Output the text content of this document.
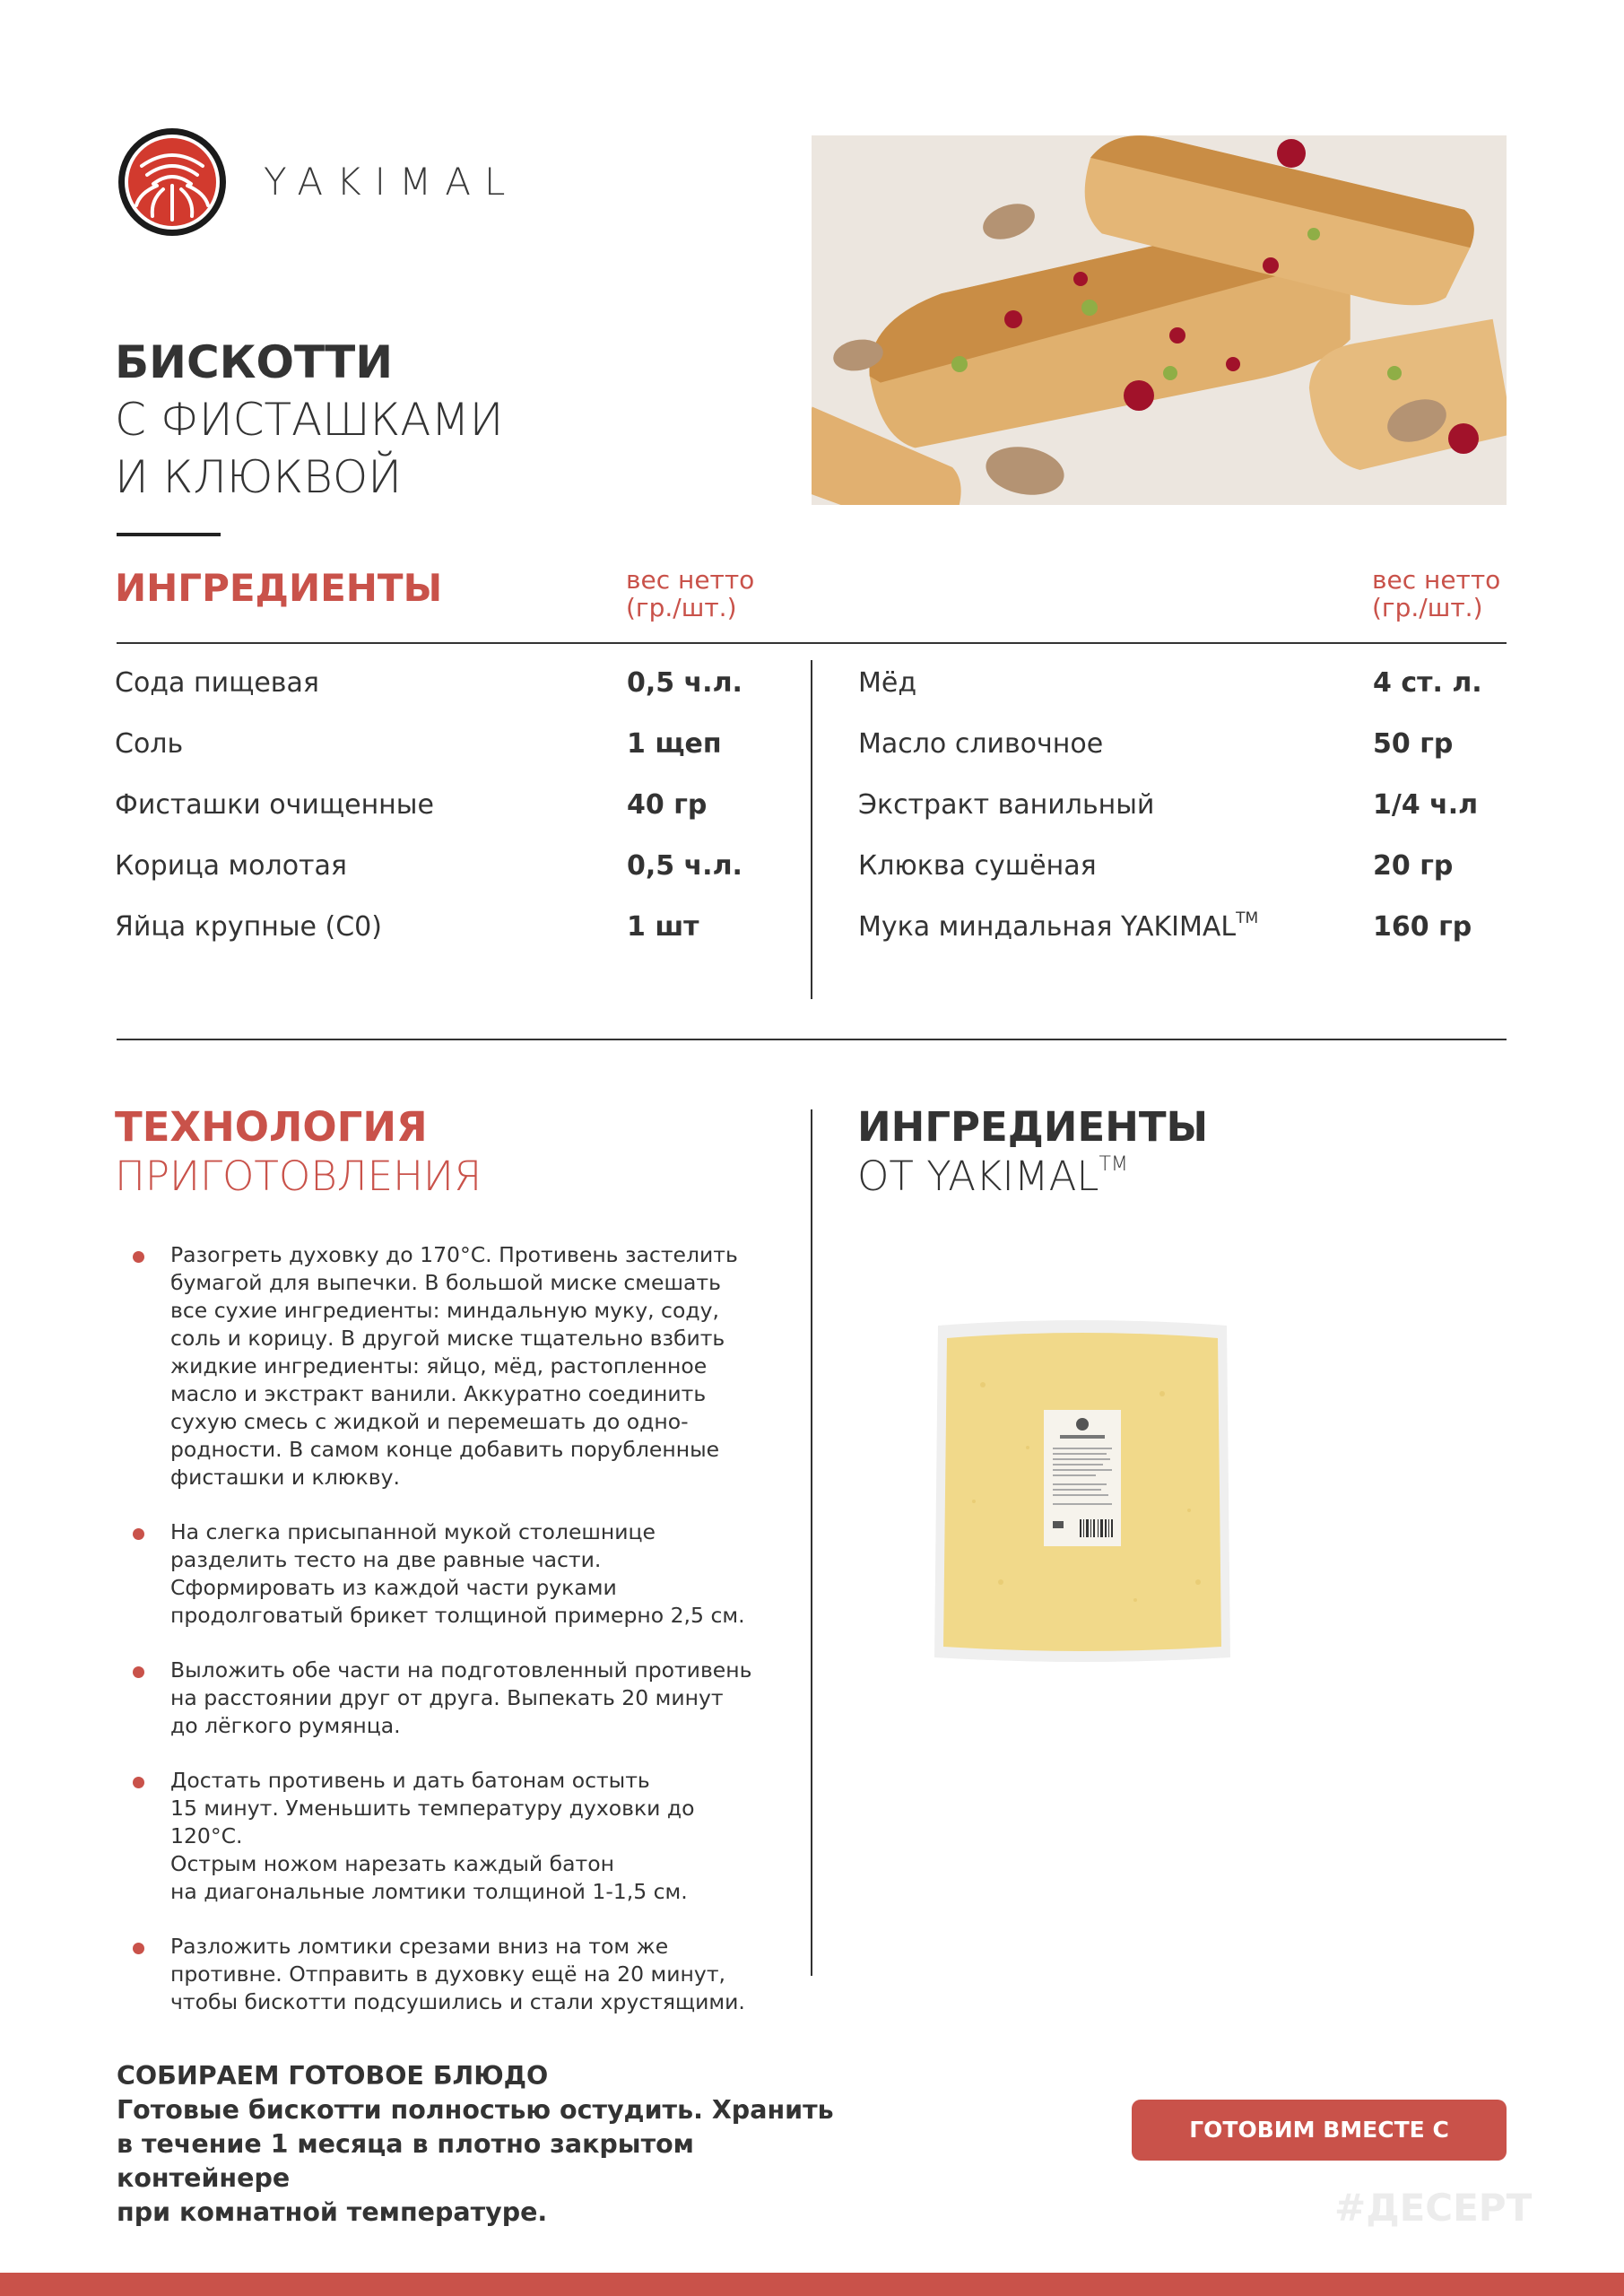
YAKIMAL
БИСКОТТИ
С ФИСТАШКАМИ
И КЛЮКВОЙ
ИНГРЕДИЕНТЫ	вес нетто
(гр./шт.)
вес нетто
(гр./шт.)
Сода пищевая	0,5 ч.л.
Соль	1 щеп
Фисташки очищенные	40 гр
Корица молотая	0,5 ч.л.
Яйца крупные (С0)	1 шт
Мёд	4 ст. л.
Масло сливочное	50 гр
Экстракт ванильный	1/4 ч.л
Клюква сушёная	20 гр
Мука миндальная YAKIMAL™	160 гр
ТЕХНОЛОГИЯ
ПРИГОТОВЛЕНИЯ
Разогреть духовку до 170°С. Противень застелить
бумагой для выпечки. В большой миске смешать
все сухие ингредиенты: миндальную муку, соду,
соль и корицу. В другой миске тщательно взбить
жидкие ингредиенты: яйцо, мёд, растопленное
масло и экстракт ванили. Аккуратно соединить
сухую смесь с жидкой и перемешать до одно-
родности. В самом конце добавить порубленные
фисташки и клюкву.
На слегка присыпанной мукой столешнице
разделить тесто на две равные части.
Сформировать из каждой части руками
продолговатый брикет толщиной примерно 2,5 см.
Выложить обе части на подготовленный противень
на расстоянии друг от друга. Выпекать 20 минут
до лёгкого румянца.
Достать противень и дать батонам остыть
15 минут. Уменьшить температуру духовки до 120°С.
Острым ножом нарезать каждый батон
на диагональные ломтики толщиной 1-1,5 см.
Разложить ломтики срезами вниз на том же
противне. Отправить в духовку ещё на 20 минут,
чтобы бискотти подсушились и стали хрустящими.
ИНГРЕДИЕНТЫ
ОТ YAKIMAL™
СОБИРАЕМ ГОТОВОЕ БЛЮДО
Готовые бискотти полностью остудить. Хранить
в течение 1 месяца в плотно закрытом контейнере
при комнатной температуре.
ГОТОВИМ ВМЕСТЕ С ЯКИМАЛ
#ДЕСЕРТ
